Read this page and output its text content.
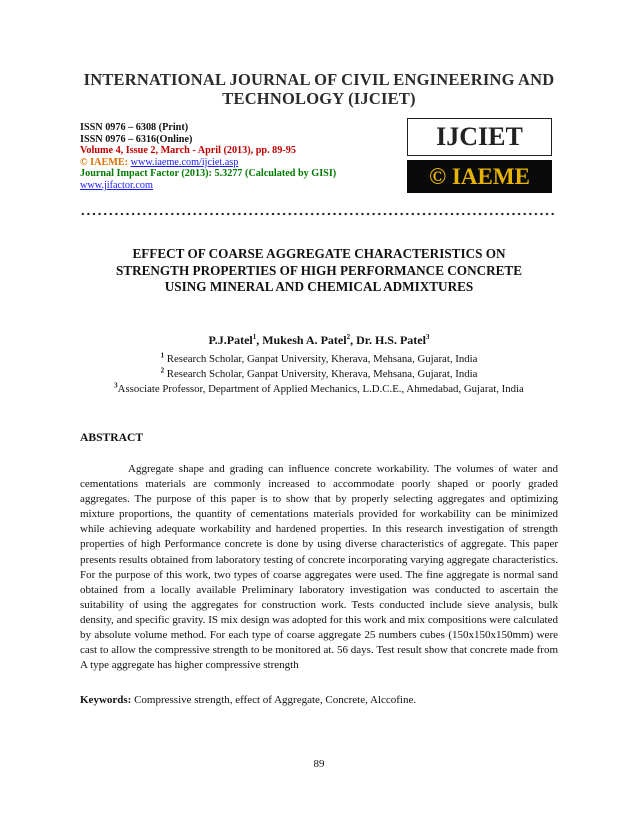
INTERNATIONAL JOURNAL OF CIVIL ENGINEERING AND
TECHNOLOGY (IJCIET)
ISSN 0976 – 6308 (Print)
ISSN 0976 – 6316(Online)
Volume 4, Issue 2, March - April (2013), pp. 89-95
© IAEME: www.iaeme.com/ijciet.asp
Journal Impact Factor (2013): 5.3277 (Calculated by GISI)
www.jifactor.com
IJCIET
© IAEME
EFFECT OF COARSE AGGREGATE CHARACTERISTICS ON
STRENGTH PROPERTIES OF HIGH PERFORMANCE CONCRETE
USING MINERAL AND CHEMICAL ADMIXTURES
P.J.Patel$^1$, Mukesh A. Patel$^2$, Dr. H.S. Patel$^3$
$^1$ Research Scholar, Ganpat University, Kherava, Mehsana, Gujarat, India
$^2$ Research Scholar, Ganpat University, Kherava, Mehsana, Gujarat, India
$^3$Associate Professor, Department of Applied Mechanics, L.D.C.E., Ahmedabad, Gujarat, India
ABSTRACT

Aggregate shape and grading can influence concrete workability. The volumes of water and cementations materials are commonly increased to accommodate poorly shaped or poorly graded aggregates. The purpose of this paper is to show that by properly selecting aggregates and optimizing mixture proportions, the quantity of cementations materials provided for workability can be minimized while achieving adequate workability and hardened properties. In this research investigation of strength properties of high Performance concrete is done by using diverse characteristics of aggregate. This paper presents results obtained from laboratory testing of concrete incorporating varying aggregate characteristics. For the purpose of this work, two types of coarse aggregates were used. The fine aggregate is normal sand obtained from a locally available Preliminary laboratory investigation was conducted to ascertain the suitability of using the aggregates for construction work. Tests conducted include sieve analysis, bulk density, and specific gravity. IS mix design was adopted for this work and mix compositions were calculated by absolute volume method. For each type of coarse aggregate 25 numbers cubes (150x150x150mm) were cast to allow the compressive strength to be monitored at. 56 days. Test result show that concrete made from A type aggregate has higher compressive strength

Keywords: Compressive strength, effect of Aggregate, Concrete, Alccofine.
89
